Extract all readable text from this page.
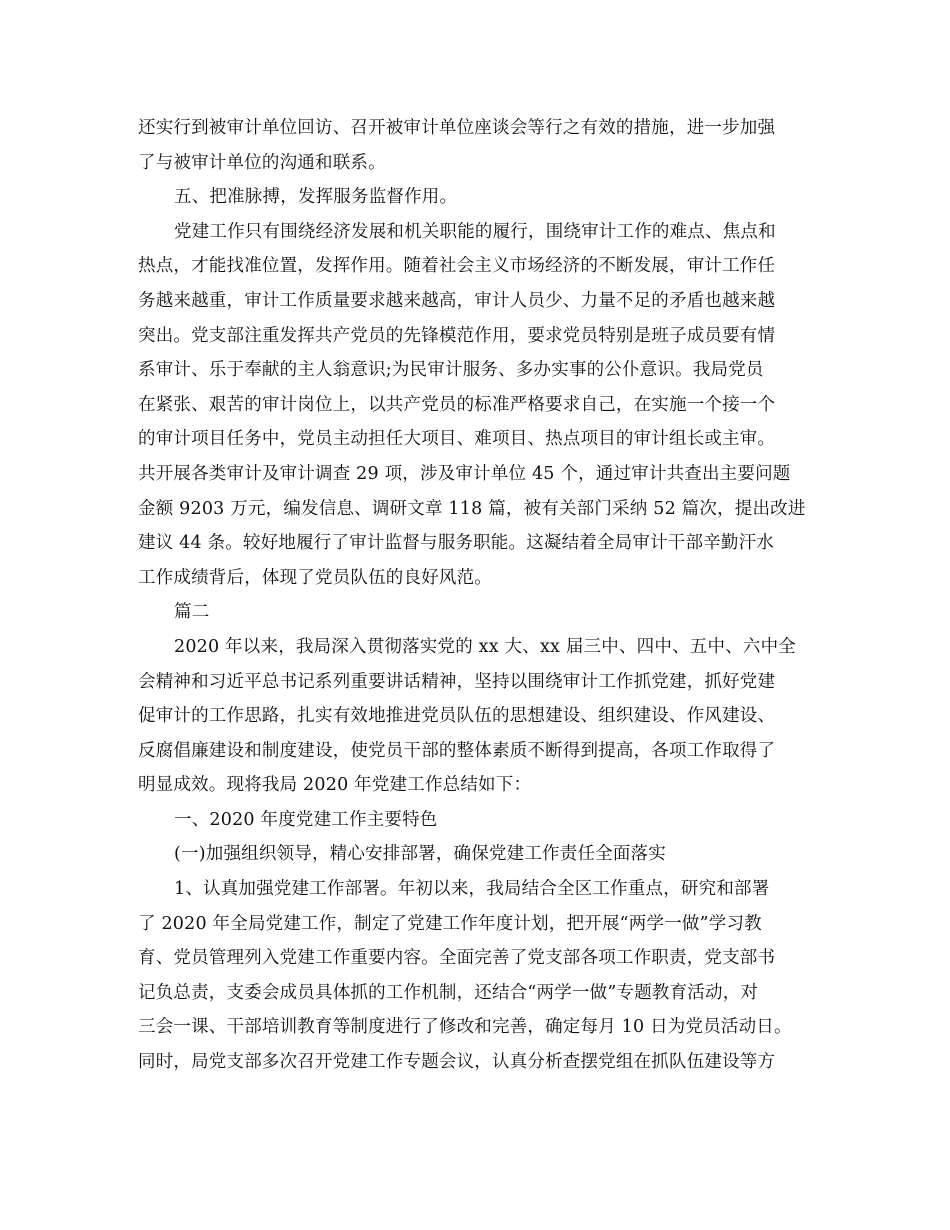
还实行到被审计单位回访、召开被审计单位座谈会等行之有效的措施，进一步加强
了与被审计单位的沟通和联系。
五、把准脉搏，发挥服务监督作用。
党建工作只有围绕经济发展和机关职能的履行，围绕审计工作的难点、焦点和
热点，才能找准位置，发挥作用。随着社会主义市场经济的不断发展，审计工作任
务越来越重，审计工作质量要求越来越高，审计人员少、力量不足的矛盾也越来越
突出。党支部注重发挥共产党员的先锋模范作用，要求党员特别是班子成员要有情
系审计、乐于奉献的主人翁意识;为民审计服务、多办实事的公仆意识。我局党员
在紧张、艰苦的审计岗位上，以共产党员的标准严格要求自己，在实施一个接一个
的审计项目任务中，党员主动担任大项目、难项目、热点项目的审计组长或主审。
共开展各类审计及审计调查 29 项，涉及审计单位 45 个，通过审计共查出主要问题
金额 9203 万元，编发信息、调研文章 118 篇，被有关部门采纳 52 篇次，提出改进
建议 44 条。较好地履行了审计监督与服务职能。这凝结着全局审计干部辛勤汗水
工作成绩背后，体现了党员队伍的良好风范。
篇二
2020 年以来，我局深入贯彻落实党的 xx 大、xx 届三中、四中、五中、六中全
会精神和习近平总书记系列重要讲话精神，坚持以围绕审计工作抓党建，抓好党建
促审计的工作思路，扎实有效地推进党员队伍的思想建设、组织建设、作风建设、
反腐倡廉建设和制度建设，使党员干部的整体素质不断得到提高，各项工作取得了
明显成效。现将我局 2020 年党建工作总结如下：
一、2020 年度党建工作主要特色
(一)加强组织领导，精心安排部署，确保党建工作责任全面落实
1、认真加强党建工作部署。年初以来，我局结合全区工作重点，研究和部署
了 2020 年全局党建工作，制定了党建工作年度计划，把开展“两学一做”学习教
育、党员管理列入党建工作重要内容。全面完善了党支部各项工作职责，党支部书
记负总责，支委会成员具体抓的工作机制，还结合“两学一做”专题教育活动，对
三会一课、干部培训教育等制度进行了修改和完善，确定每月 10 日为党员活动日。
同时，局党支部多次召开党建工作专题会议，认真分析查摆党组在抓队伍建设等方
